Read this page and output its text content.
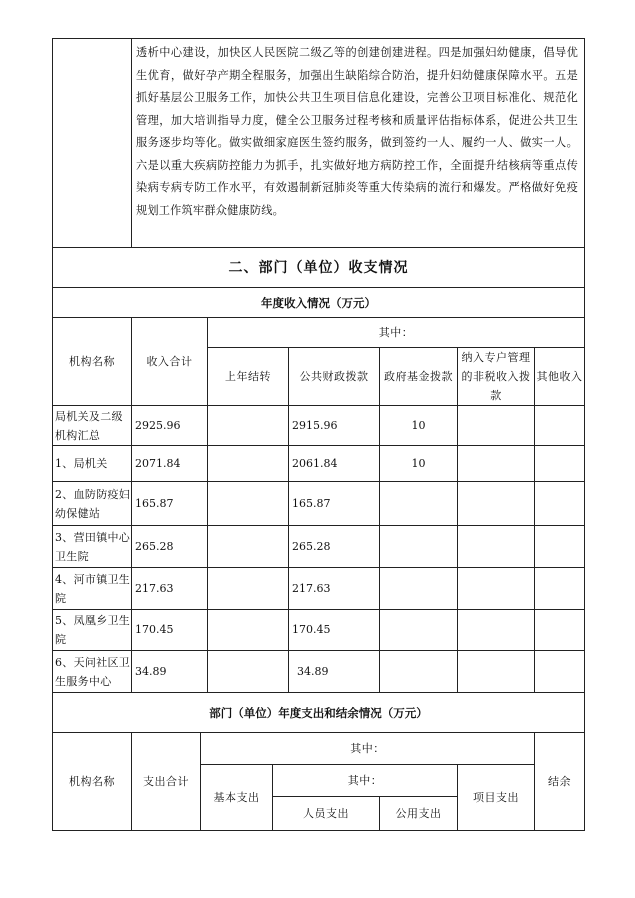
	透析中心建设，加快区人民医院二级乙等的创建创建进程。四是加强妇幼健康，倡导优生优育，做好孕产期全程服务，加强出生缺陷综合防治，提升妇幼健康保障水平。五是抓好基层公卫服务工作，加快公共卫生项目信息化建设，完善公卫项目标准化、规范化管理，加大培训指导力度，健全公卫服务过程考核和质量评估指标体系，促进公共卫生服务逐步均等化。做实做细家庭医生签约服务，做到签约一人、履约一人、做实一人。六是以重大疾病防控能力为抓手，扎实做好地方病防控工作，全面提升结核病等重点传染病专病专防工作水平，有效遏制新冠肺炎等重大传染病的流行和爆发。严格做好免疫规划工作筑牢群众健康防线。							
二、部门（单位）收支情况								
年度收入情况（万元）								
机构名称	收入合计		其中：					
			上年结转		公共财政拨款	政府基金拨款	纳入专户管理的非税收入拨款	其他收入
局机关及二级机构汇总	2925.96				2915.96	10		
1、局机关	2071.84				2061.84	10		
2、血防防疫妇幼保健站	165.87				165.87			
3、营田镇中心卫生院	265.28				265.28			
4、河市镇卫生院	217.63				217.63			
5、凤凰乡卫生院	170.45				170.45			
6、天问社区卫生服务中心	34.89				34.89			
部门（单位）年度支出和结余情况（万元）								
机构名称	支出合计	其中：						结余
		基本支出		其中：			项目支出	
				人员支出		公用支出		
